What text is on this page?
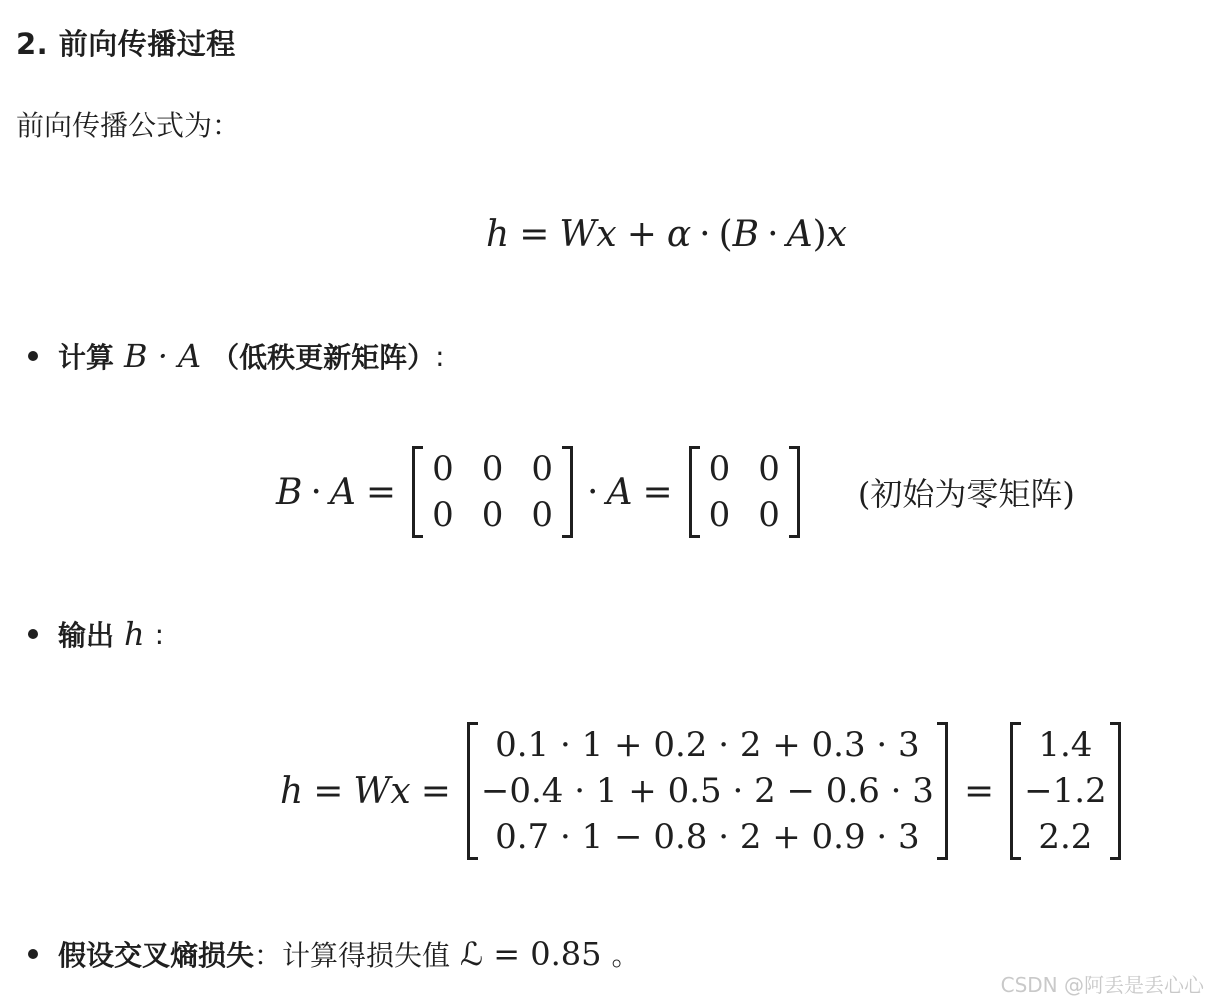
2. 前向传播过程
前向传播公式为：
h = W x + α · ( B · A ) x
计算 B · A （低秩更新矩阵） :
B · A =
0	0	0
0	0	0
· A =
0	0
0	0
(初始为零矩阵)
输出 h :
h = W x =
0.1 · 1 + 0.2 · 2 + 0.3 · 3
−0.4 · 1 + 0.5 · 2 − 0.6 · 3
0.7 · 1 − 0.8 · 2 + 0.9 · 3
=
1.4
−1.2
2.2
假设交叉熵损失 ：计算得损失值 ℒ = 0.85 。
CSDN @阿丢是丢心心
